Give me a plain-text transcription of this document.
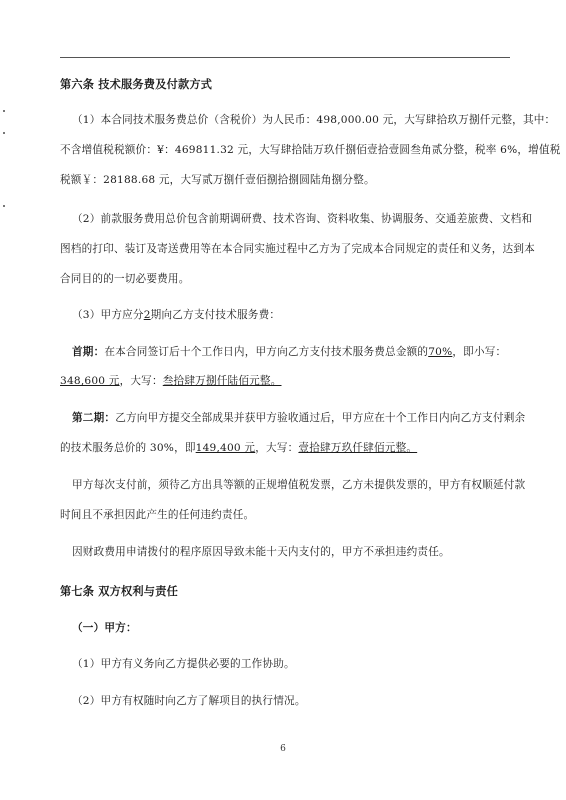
第六条 技术服务费及付款方式
（1）本合同技术服务费总价（含税价）为人民币：498,000.00 元，大写肆拾玖万捌仟元整，其中：
不含增值税税额价：¥：469811.32 元，大写肆拾陆万玖仟捌佰壹拾壹圆叁角贰分整，税率 6%，增值税
税额￥：28188.68 元，大写贰万捌仟壹佰捌拾捌圆陆角捌分整。
（2）前款服务费用总价包含前期调研费、技术咨询、资料收集、协调服务、交通差旅费、文档和
图档的打印、装订及寄送费用等在本合同实施过程中乙方为了完成本合同规定的责任和义务，达到本
合同目的的一切必要费用。
（3）甲方应分2期向乙方支付技术服务费：
首期：在本合同签订后十个工作日内，甲方向乙方支付技术服务费总金额的70%，即小写：
348,600 元，大写：叁拾肆万捌仟陆佰元整。
第二期：乙方向甲方提交全部成果并获甲方验收通过后，甲方应在十个工作日内向乙方支付剩余
的技术服务总价的 30%，即149,400 元，大写：壹拾肆万玖仟肆佰元整。
甲方每次支付前，须待乙方出具等额的正规增值税发票，乙方未提供发票的，甲方有权顺延付款
时间且不承担因此产生的任何违约责任。
因财政费用申请拨付的程序原因导致未能十天内支付的，甲方不承担违约责任。
第七条 双方权利与责任
（一）甲方：
（1）甲方有义务向乙方提供必要的工作协助。
（2）甲方有权随时向乙方了解项目的执行情况。
6
